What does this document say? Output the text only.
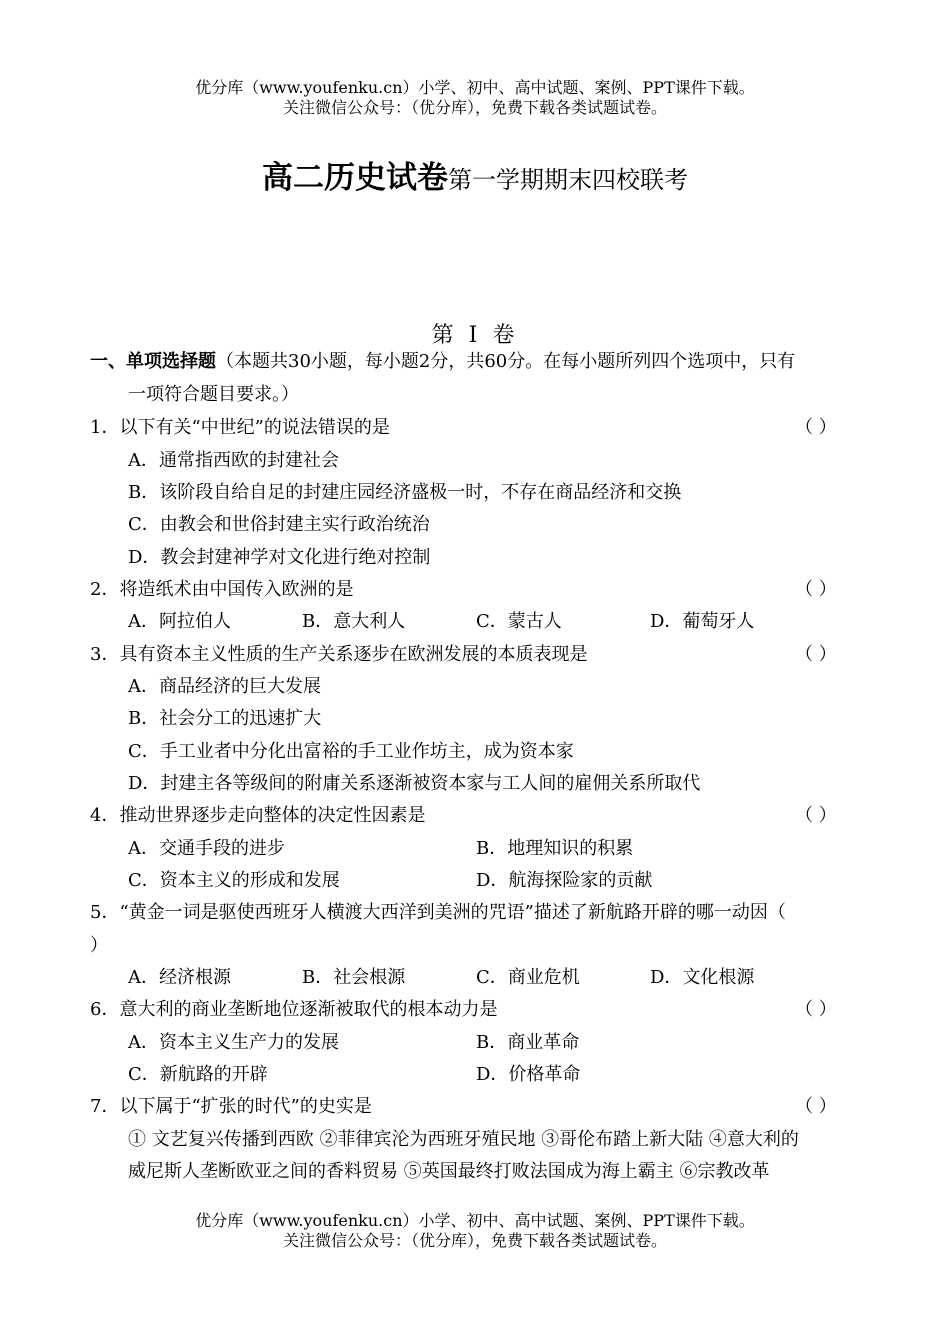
优分库（www.youfenku.cn）小学、初中、高中试题、案例、PPT课件下载。
关注微信公众号：（优分库），免费下载各类试题试卷。
高二历史试卷第一学期期末四校联考
第 I 卷
一、单项选择题（本题共30小题，每小题2分，共60分。在每小题所列四个选项中，只有
一项符合题目要求。）
1．以下有关“中世纪”的说法错误的是	（ ）
A．通常指西欧的封建社会
B．该阶段自给自足的封建庄园经济盛极一时，不存在商品经济和交换
C．由教会和世俗封建主实行政治统治
D．教会封建神学对文化进行绝对控制
2．将造纸术由中国传入欧洲的是	（ ）
A．阿拉伯人	B．意大利人	C．蒙古人	D．葡萄牙人
3．具有资本主义性质的生产关系逐步在欧洲发展的本质表现是	（ ）
A．商品经济的巨大发展
B．社会分工的迅速扩大
C．手工业者中分化出富裕的手工业作坊主，成为资本家
D．封建主各等级间的附庸关系逐渐被资本家与工人间的雇佣关系所取代
4．推动世界逐步走向整体的决定性因素是	（ ）
A．交通手段的进步	B．地理知识的积累
C．资本主义的形成和发展	D．航海探险家的贡献
5．“黄金一词是驱使西班牙人横渡大西洋到美洲的咒语”描述了新航路开辟的哪一动因（
）
A．经济根源	B．社会根源	C．商业危机	D．文化根源
6．意大利的商业垄断地位逐渐被取代的根本动力是	（ ）
A．资本主义生产力的发展	B．商业革命
C．新航路的开辟	D．价格革命
7．以下属于“扩张的时代”的史实是	（ ）
① 文艺复兴传播到西欧 ②菲律宾沦为西班牙殖民地 ③哥伦布踏上新大陆 ④意大利的
威尼斯人垄断欧亚之间的香料贸易 ⑤英国最终打败法国成为海上霸主 ⑥宗教改革
优分库（www.youfenku.cn）小学、初中、高中试题、案例、PPT课件下载。
关注微信公众号：（优分库），免费下载各类试题试卷。
